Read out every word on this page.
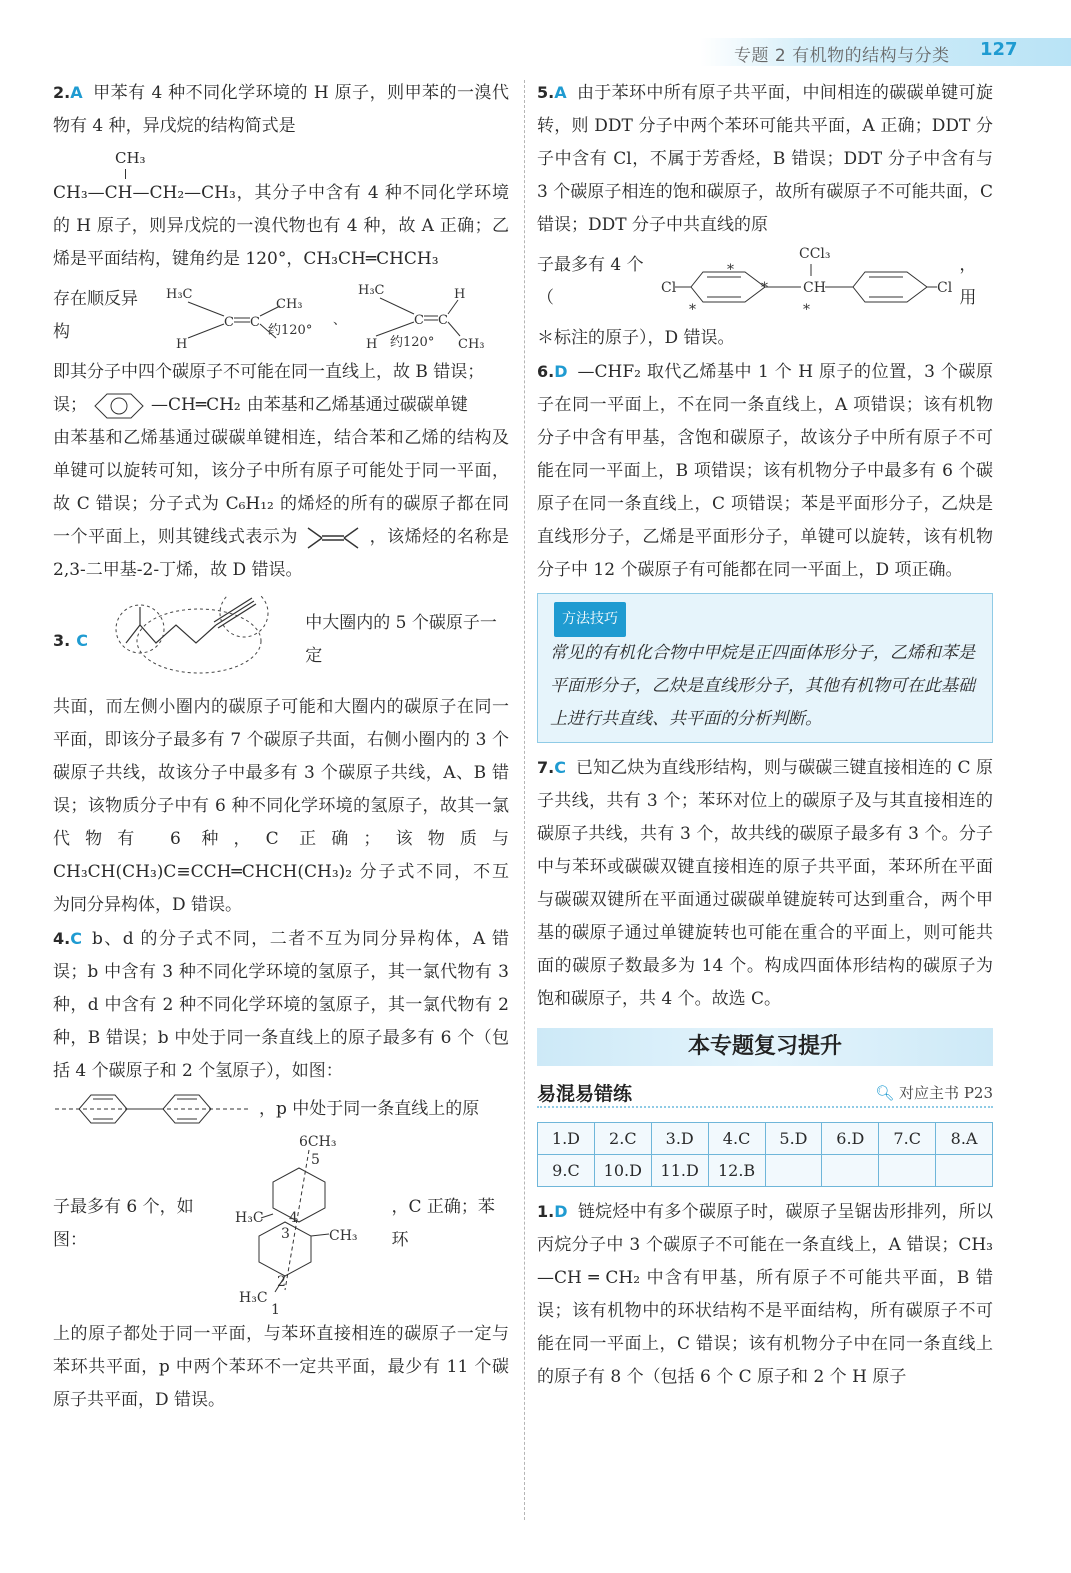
专题 2 有机物的结构与分类 127

2.A 甲苯有 4 种不同化学环境的 H 原子，则甲苯的一溴代物有 4 种，异戊烷的结构简式是

CH₃

CH₃—CH—CH₂—CH₃，其分子中含有 4 种不同化学环境的 H 原子，则异戊烷的一溴代物也有 4 种，故 A 正确；乙烯是平面结构，键角约是 120°，CH₃CH═CHCH₃

存在顺反异构
H₃C
CH₃
H
约120°
C C	、
H₃C	H
H	CH₃
约120°
C C

即其分子中四个碳原子不可能在同一直线上，故 B 错误；

误；	—CH═CH₂ 由苯基和乙烯基通过碳碳单键

由苯基和乙烯基通过碳碳单键相连，结合苯和乙烯的结构及单键可以旋转可知，该分子中所有原子可能处于同一平面，故 C 错误；分子式为 C₆H₁₂ 的烯烃的所有的碳原子都在同一个平面上，则其键线式表示为	，该烯烃的名称是 2,3-二甲基-2-丁烯，故 D 错误。

3. C
中大圈内的 5 个碳原子一定

共面，而左侧小圈内的碳原子可能和大圈内的碳原子在同一平面，即该分子最多有 7 个碳原子共面，右侧小圈内的 3 个碳原子共线，故该分子中最多有 3 个碳原子共线，A、B 错误；该物质分子中有 6 种不同化学环境的氢原子，故其一氯代物有 6 种，C 正确；该物质与 CH₃CH(CH₃)C≡CCH═CHCH(CH₃)₂ 分子式不同，不互为同分异构体，D 错误。

4.C b、d 的分子式不同，二者不互为同分异构体，A 错误；b 中含有 3 种不同化学环境的氢原子，其一氯代物有 3 种，d 中含有 2 种不同化学环境的氢原子，其一氯代物有 2 种，B 错误；b 中处于同一条直线上的原子最多有 6 个（包括 4 个碳原子和 2 个氢原子），如图：

，p 中处于同一条直线上的原
子最多有 6 个，如图：
6CH₃
5
H₃C 4
3	CH₃
2
H₃C
1
，C 正确；苯环

上的原子都处于同一平面，与苯环直接相连的碳原子一定与苯环共平面，p 中两个苯环不一定共平面，最少有 11 个碳原子共平面，D 错误。

5.A 由于苯环中所有原子共平面，中间相连的碳碳单键可旋转，则 DDT 分子中两个苯环可能共平面，A 正确；DDT 分子中含有 Cl，不属于芳香烃，B 错误；DDT 分子中含有与 3 个碳原子相连的饱和碳原子，故所有碳原子不可能共面，C 错误；DDT 分子中共直线的原

子最多有 4 个（	Cl
CCl₃
CH	Cl
*
*
*
*
，用

＊标注的原子），D 错误。

6.D —CHF₂ 取代乙烯基中 1 个 H 原子的位置，3 个碳原子在同一平面上，不在同一条直线上，A 项错误；该有机物分子中含有甲基，含饱和碳原子，故该分子中所有原子不可能在同一平面上，B 项错误；该有机物分子中最多有 6 个碳原子在同一条直线上，C 项错误；苯是平面形分子，乙炔是直线形分子，乙烯是平面形分子，单键可以旋转，该有机物分子中 12 个碳原子有可能都在同一平面上，D 项正确。

方法技巧
常见的有机化合物中甲烷是正四面体形分子，乙烯和苯是平面形分子，乙炔是直线形分子，其他有机物可在此基础上进行共直线、共平面的分析判断。

7.C 已知乙炔为直线形结构，则与碳碳三键直接相连的 C 原子共线，共有 3 个；苯环对位上的碳原子及与其直接相连的碳原子共线，共有 3 个，故共线的碳原子最多有 3 个。分子中与苯环或碳碳双键直接相连的原子共平面，苯环所在平面与碳碳双键所在平面通过碳碳单键旋转可达到重合，两个甲基的碳原子通过单键旋转也可能在重合的平面上，则可能共面的碳原子数最多为 14 个。构成四面体形结构的碳原子为饱和碳原子，共 4 个。故选 C。

本专题复习提升
易混易错练	🔍︎ 对应主书 P23
1.D	2.C	3.D	4.C	5.D	6.D	7.C	8.A
9.C	10.D	11.D	12.B				

1.D 链烷烃中有多个碳原子时，碳原子呈锯齿形排列，所以丙烷分子中 3 个碳原子不可能在一条直线上，A 错误；CH₃—CH ═ CH₂ 中含有甲基，所有原子不可能共平面，B 错误；该有机物中的环状结构不是平面结构，所有碳原子不可能在同一平面上，C 错误；该有机物分子中在同一条直线上的原子有 8 个（包括 6 个 C 原子和 2 个 H 原子
